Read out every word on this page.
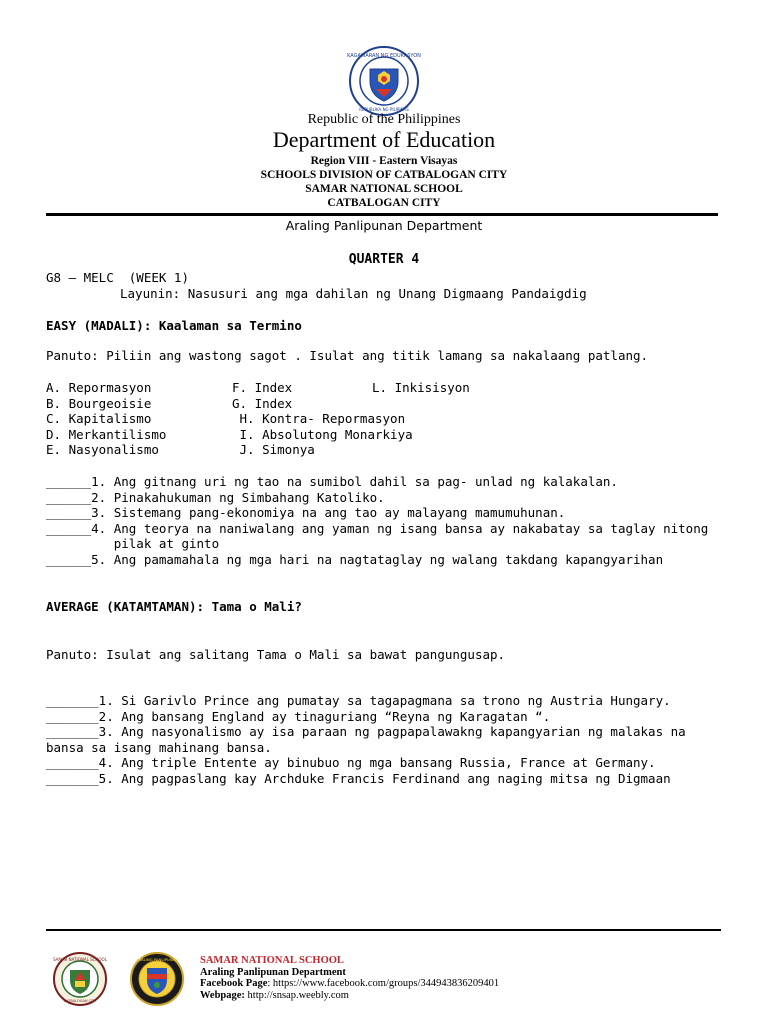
KAGAWARAN NG EDUKASYON
REPUBLIKA NG PILIPINAS
Republic of the Philippines
Department of Education
Region VIII - Eastern Visayas
SCHOOLS DIVISION OF CATBALOGAN CITY
SAMAR NATIONAL SCHOOL
CATBALOGAN CITY
Araling Panlipunan Department
QUARTER 4
G8 – MELC  (WEEK 1)
Layunin: Nasusuri ang mga dahilan ng Unang Digmaang Pandaigdig
EASY (MADALI): Kaalaman sa Termino
Panuto: Piliin ang wastong sagot . Isulat ang titik lamang sa nakalaang patlang.
A. Repormasyon	F. Index	L. Inkisisyon
B. Bourgeoisie	G. Index
C. Kapitalismo	H. Kontra- Repormasyon
D. Merkantilismo	I. Absolutong Monarkiya
E. Nasyonalismo	J. Simonya
______1. Ang gitnang uri ng tao na sumibol dahil sa pag- unlad ng kalakalan.
______2. Pinakahukuman ng Simbahang Katoliko.
______3. Sistemang pang-ekonomiya na ang tao ay malayang mamumuhunan.
______4. Ang teorya na naniwalang ang yaman ng isang bansa ay nakabatay sa taglay nitong
pilak at ginto
______5. Ang pamamahala ng mga hari na nagtataglay ng walang takdang kapangyarihan
AVERAGE (KATAMTAMAN): Tama o Mali?
Panuto: Isulat ang salitang Tama o Mali sa bawat pangungusap.
_______1. Si Garivlo Prince ang pumatay sa tagapagmana sa trono ng Austria Hungary.
_______2. Ang bansang England ay tinaguriang “Reyna ng Karagatan “.
_______3. Ang nasyonalismo ay isa paraan ng pagpapalawakng kapangyarian ng malakas na
bansa sa isang mahinang bansa.
_______4. Ang triple Entente ay binubuo ng mga bansang Russia, France at Germany.
_______5. Ang pagpaslang kay Archduke Francis Ferdinand ang naging mitsa ng Digmaan
SAMAR NATIONAL SCHOOL
CATBALOGAN CITY
ARALING PANLIPUNAN SAMAR NATIONAL SCHOOL
Araling Panlipunan Department
Facebook Page: https://www.facebook.com/groups/344943836209401
Webpage: http://snsap.weebly.com
